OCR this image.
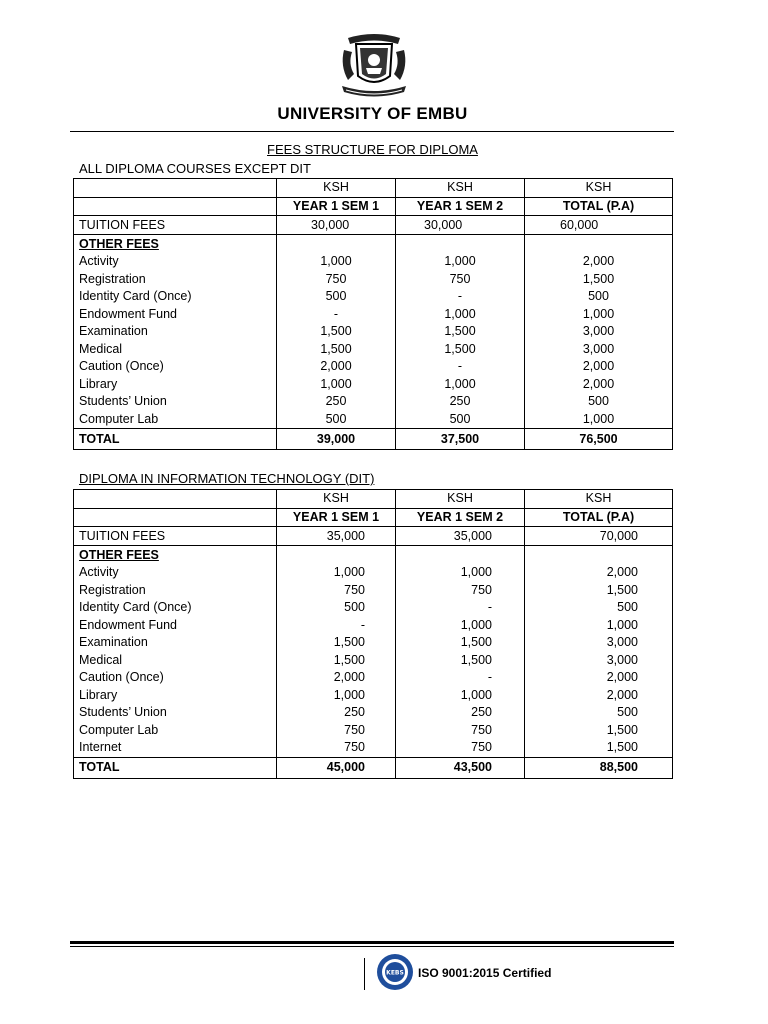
UNIVERSITY OF EMBU
FEES STRUCTURE FOR DIPLOMA
ALL DIPLOMA COURSES EXCEPT DIT
	KSH	KSH	KSH
	YEAR 1 SEM 1	YEAR 1 SEM 2	TOTAL (P.A)
TUITION FEES	30,000	30,000	60,000
OTHER FEES			
Activity	1,000	1,000	2,000
Registration	750	750	1,500
Identity Card (Once)	500	-	500
Endowment Fund	-	1,000	1,000
Examination	1,500	1,500	3,000
Medical	1,500	1,500	3,000
Caution (Once)	2,000	-	2,000
Library	1,000	1,000	2,000
Students’ Union	250	250	500
Computer Lab	500	500	1,000
TOTAL	39,000	37,500	76,500
DIPLOMA IN INFORMATION TECHNOLOGY (DIT)
	KSH	KSH	KSH
	YEAR 1 SEM 1	YEAR 1 SEM 2	TOTAL (P.A)
TUITION FEES	35,000	35,000	70,000
OTHER FEES			
Activity	1,000	1,000	2,000
Registration	750	750	1,500
Identity Card (Once)	500	-	500
Endowment Fund	-	1,000	1,000
Examination	1,500	1,500	3,000
Medical	1,500	1,500	3,000
Caution (Once)	2,000	-	2,000
Library	1,000	1,000	2,000
Students’ Union	250	250	500
Computer Lab	750	750	1,500
Internet	750	750	1,500
TOTAL	45,000	43,500	88,500
KEBS ISO 9001:2015 Certified
